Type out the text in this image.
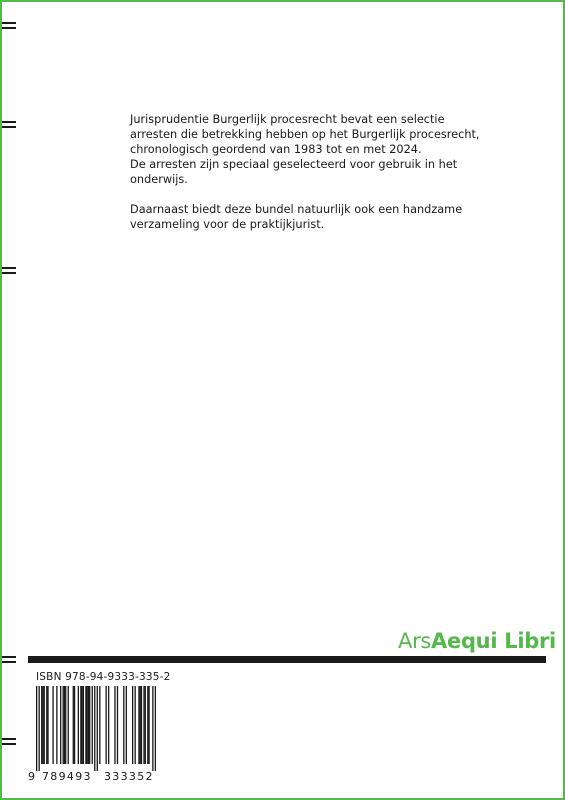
Jurisprudentie Burgerlijk procesrecht bevat een selectie arresten die betrekking hebben op het Burgerlijk procesrecht, chronologisch geordend van 1983 tot en met 2024.
De arresten zijn speciaal geselecteerd voor gebruik in het onderwijs.

Daarnaast biedt deze bundel natuurlijk ook een handzame verzameling voor de praktijkjurist.

ArsAequi Libri
ISBN 978-94-9333-335-2
9 789493 333352
